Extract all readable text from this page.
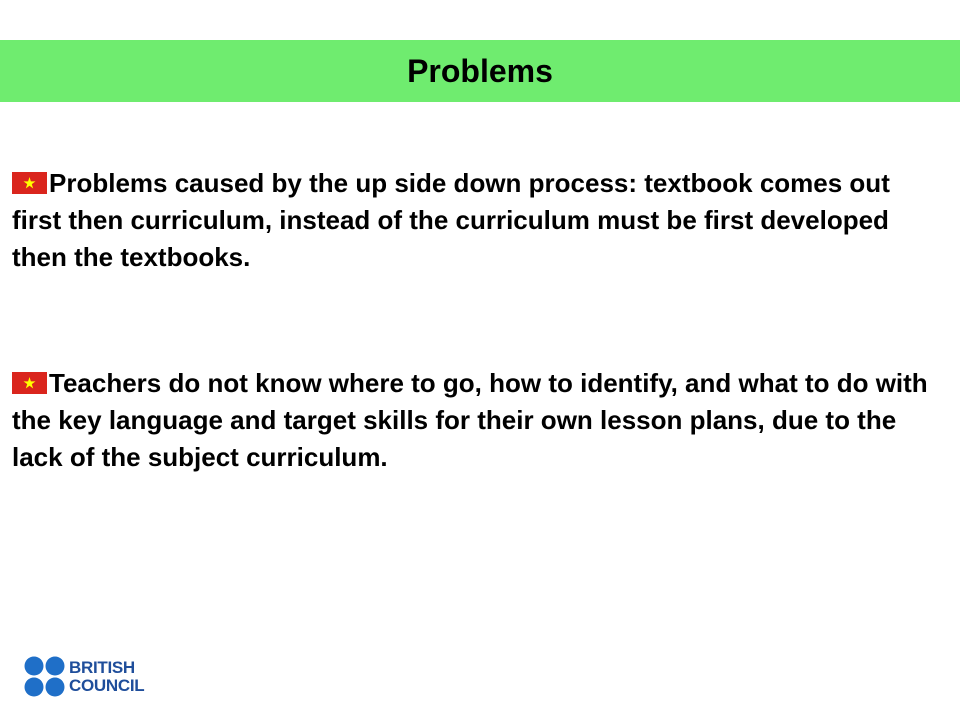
Problems
Problems caused by the up side down process: textbook comes out first then curriculum, instead of the curriculum must be first developed then the textbooks.
Teachers do not know where to go, how to identify, and what to do with the key language and target skills for their own lesson plans, due to the lack of the subject curriculum.
BRITISH
COUNCIL
